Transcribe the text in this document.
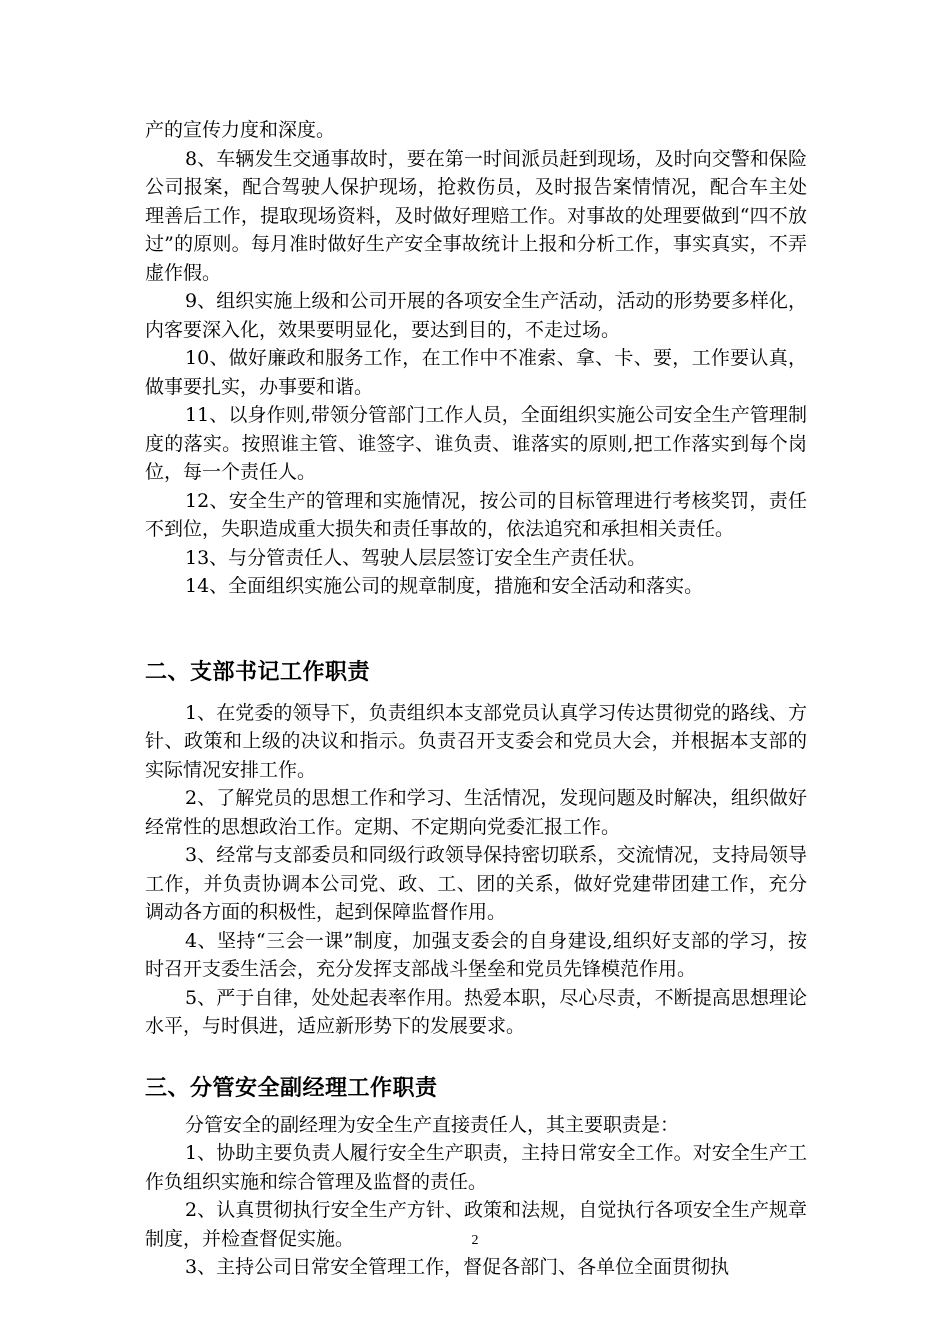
产的宣传力度和深度。

8、车辆发生交通事故时，要在第一时间派员赶到现场，及时向交警和保险公司报案，配合驾驶人保护现场，抢救伤员，及时报告案情情况，配合车主处理善后工作，提取现场资料，及时做好理赔工作。对事故的处理要做到“四不放过”的原则。每月准时做好生产安全事故统计上报和分析工作，事实真实，不弄虚作假。

9、组织实施上级和公司开展的各项安全生产活动，活动的形势要多样化，内客要深入化，效果要明显化，要达到目的，不走过场。

10、做好廉政和服务工作，在工作中不准索、拿、卡、要，工作要认真，做事要扎实，办事要和谐。

11、以身作则,带领分管部门工作人员，全面组织实施公司安全生产管理制度的落实。按照谁主管、谁签字、谁负责、谁落实的原则,把工作落实到每个岗位，每一个责任人。

12、安全生产的管理和实施情况，按公司的目标管理进行考核奖罚，责任不到位，失职造成重大损失和责任事故的，依法追究和承担相关责任。

13、与分管责任人、驾驶人层层签订安全生产责任状。

14、全面组织实施公司的规章制度，措施和安全活动和落实。

二、支部书记工作职责

1、在党委的领导下，负责组织本支部党员认真学习传达贯彻党的路线、方针、政策和上级的决议和指示。负责召开支委会和党员大会，并根据本支部的实际情况安排工作。

2、了解党员的思想工作和学习、生活情况，发现问题及时解决，组织做好经常性的思想政治工作。定期、不定期向党委汇报工作。

3、经常与支部委员和同级行政领导保持密切联系，交流情况，支持局领导工作，并负责协调本公司党、政、工、团的关系，做好党建带团建工作，充分调动各方面的积极性，起到保障监督作用。

4、坚持“三会一课”制度，加强支委会的自身建设,组织好支部的学习，按时召开支委生活会，充分发挥支部战斗堡垒和党员先锋模范作用。

5、严于自律，处处起表率作用。热爱本职，尽心尽责，不断提高思想理论水平，与时俱进，适应新形势下的发展要求。

三、分管安全副经理工作职责

分管安全的副经理为安全生产直接责任人，其主要职责是：

1、协助主要负责人履行安全生产职责，主持日常安全工作。对安全生产工作负组织实施和综合管理及监督的责任。

2、认真贯彻执行安全生产方针、政策和法规，自觉执行各项安全生产规章制度，并检查督促实施。

3、主持公司日常安全管理工作，督促各部门、各单位全面贯彻执

2
